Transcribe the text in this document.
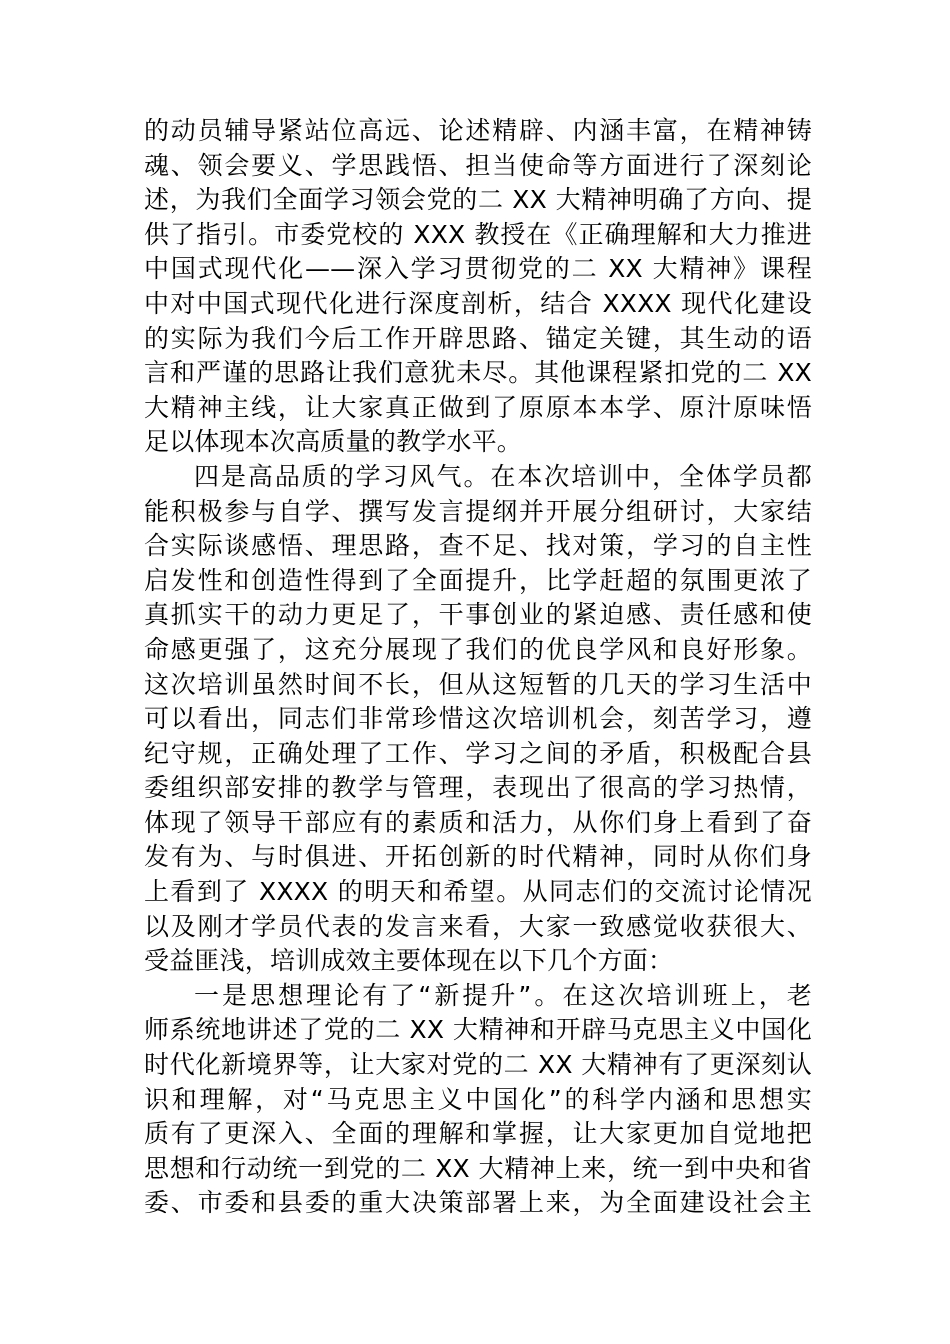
的动员辅导紧站位高远、论述精辟、内涵丰富，在精神铸
魂、领会要义、学思践悟、担当使命等方面进行了深刻论
述，为我们全面学习领会党的二 XX 大精神明确了方向、提
供了指引。市委党校的 XXX 教授在《正确理解和大力推进
中国式现代化——深入学习贯彻党的二 XX 大精神》课程
中对中国式现代化进行深度剖析，结合 XXXX 现代化建设
的实际为我们今后工作开辟思路、锚定关键，其生动的语
言和严谨的思路让我们意犹未尽。其他课程紧扣党的二 XX
大精神主线，让大家真正做到了原原本本学、原汁原味悟
足以体现本次高质量的教学水平。
四是高品质的学习风气。在本次培训中，全体学员都
能积极参与自学、撰写发言提纲并开展分组研讨，大家结
合实际谈感悟、理思路，查不足、找对策，学习的自主性
启发性和创造性得到了全面提升，比学赶超的氛围更浓了
真抓实干的动力更足了，干事创业的紧迫感、责任感和使
命感更强了，这充分展现了我们的优良学风和良好形象。
这次培训虽然时间不长，但从这短暂的几天的学习生活中
可以看出，同志们非常珍惜这次培训机会，刻苦学习，遵
纪守规，正确处理了工作、学习之间的矛盾，积极配合县
委组织部安排的教学与管理，表现出了很高的学习热情，
体现了领导干部应有的素质和活力，从你们身上看到了奋
发有为、与时俱进、开拓创新的时代精神，同时从你们身
上看到了 XXXX 的明天和希望。从同志们的交流讨论情况
以及刚才学员代表的发言来看，大家一致感觉收获很大、
受益匪浅，培训成效主要体现在以下几个方面：
一是思想理论有了“新提升”。在这次培训班上，老
师系统地讲述了党的二 XX 大精神和开辟马克思主义中国化
时代化新境界等，让大家对党的二 XX 大精神有了更深刻认
识和理解，对“马克思主义中国化”的科学内涵和思想实
质有了更深入、全面的理解和掌握，让大家更加自觉地把
思想和行动统一到党的二 XX 大精神上来，统一到中央和省
委、市委和县委的重大决策部署上来，为全面建设社会主
